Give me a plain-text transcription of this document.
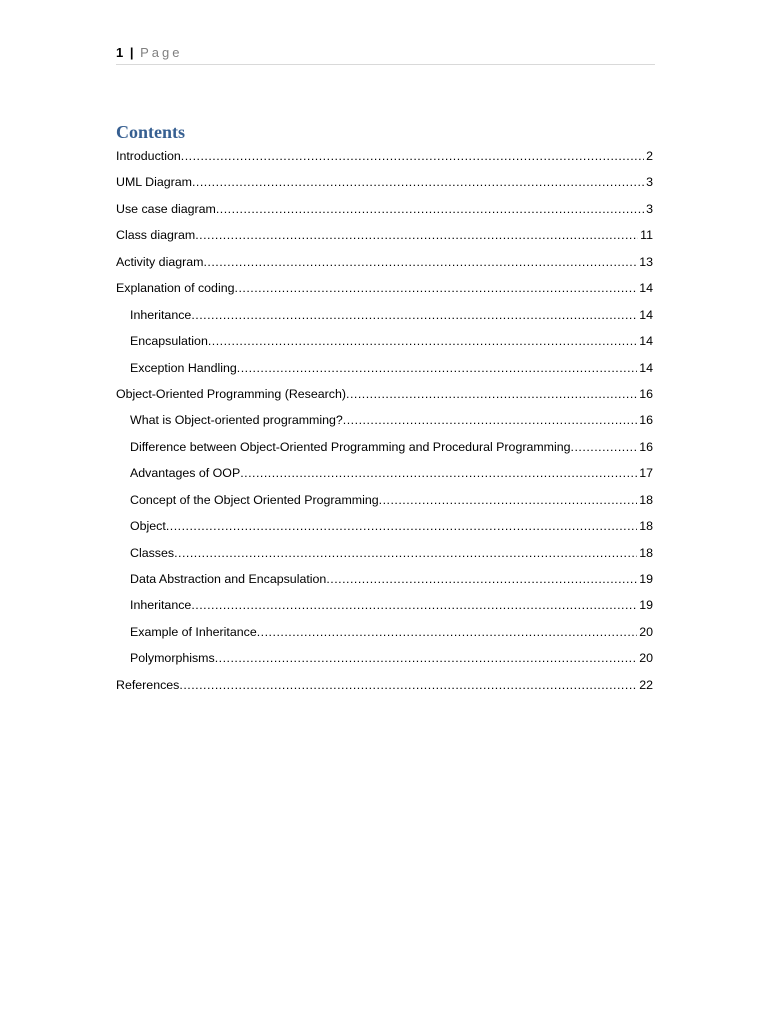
1 | Page
Contents
Introduction .....	2
UML Diagram .....	3
Use case diagram .....	3
Class diagram .....	11
Activity diagram .....	13
Explanation of coding .....	14
Inheritance .....	14
Encapsulation .....	14
Exception Handling .....	14
Object-Oriented Programming (Research) .....	16
What is Object-oriented programming? .....	16
Difference between Object-Oriented Programming and Procedural Programming .....	16
Advantages of OOP .....	17
Concept of the Object Oriented Programming .....	18
Object .....	18
Classes .....	18
Data Abstraction and Encapsulation .....	19
Inheritance .....	19
Example of Inheritance .....	20
Polymorphisms .....	20
References .....	22
